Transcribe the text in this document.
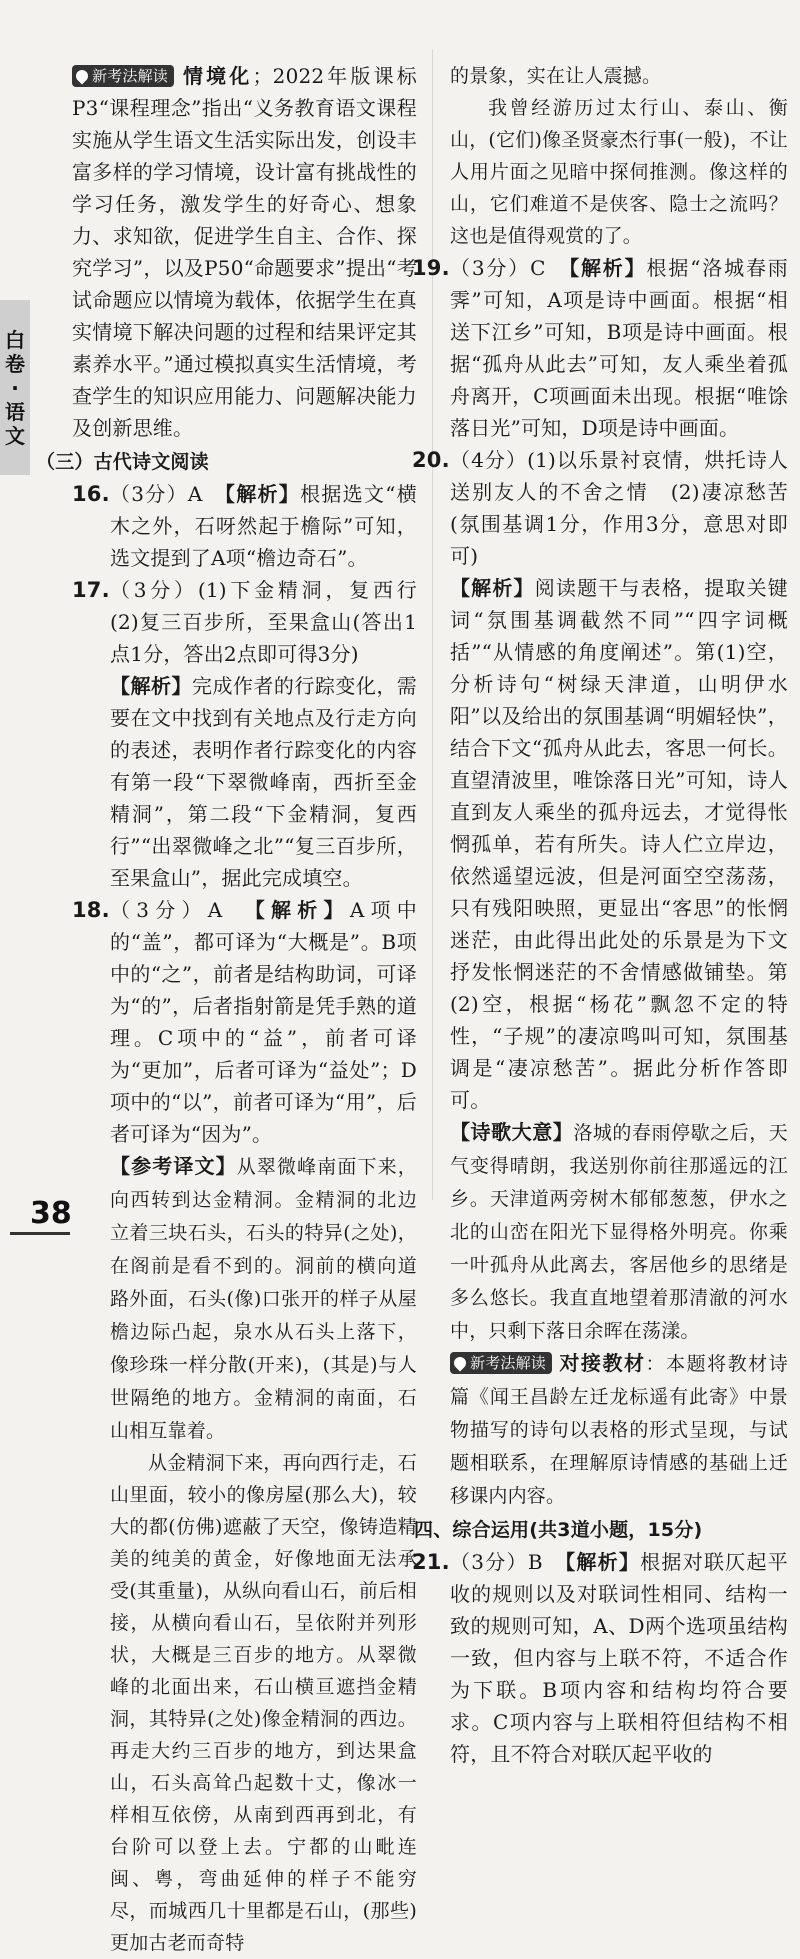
白
卷
·
语
文

新考法解读 情境化；2022年版课标P3“课程理念”指出“义务教育语文课程实施从学生语文生活实际出发，创设丰富多样的学习情境，设计富有挑战性的学习任务，激发学生的好奇心、想象力、求知欲，促进学生自主、合作、探究学习”，以及P50“命题要求”提出“考试命题应以情境为载体，依据学生在真实情境下解决问题的过程和结果评定其素养水平。”通过模拟真实生活情境，考查学生的知识应用能力、问题解决能力及创新思维。

（三）古代诗文阅读
16. （3分）A　【解析】根据选文“横木之外，石呀然起于檐际”可知，选文提到了A项“檐边奇石”。
17. （3分）(1)下金精洞，复西行　(2)复三百步所，至果盒山(答出1点1分，答出2点即可得3分)
【解析】完成作者的行踪变化，需要在文中找到有关地点及行走方向的表述，表明作者行踪变化的内容有第一段“下翠微峰南，西折至金精洞”，第二段“下金精洞，复西行”“出翠微峰之北”“复三百步所，至果盒山”，据此完成填空。
18. （3分）A　【解析】A项中的“盖”，都可译为“大概是”。B项中的“之”，前者是结构助词，可译为“的”，后者指射箭是凭手熟的道理。C项中的“益”，前者可译为“更加”，后者可译为“益处”；D项中的“以”，前者可译为“用”，后者可译为“因为”。
【参考译文】从翠微峰南面下来，向西转到达金精洞。金精洞的北边立着三块石头，石头的特异(之处)，在阁前是看不到的。洞前的横向道路外面，石头(像)口张开的样子从屋檐边际凸起，泉水从石头上落下，像珍珠一样分散(开来)，(其是)与人世隔绝的地方。金精洞的南面，石山相互靠着。
从金精洞下来，再向西行走，石山里面，较小的像房屋(那么大)，较大的都(仿佛)遮蔽了天空，像铸造精美的纯美的黄金，好像地面无法承受(其重量)，从纵向看山石，前后相接，从横向看山石，呈依附并列形状，大概是三百步的地方。从翠微峰的北面出来，石山横亘遮挡金精洞，其特异(之处)像金精洞的西边。再走大约三百步的地方，到达果盒山，石头高耸凸起数十丈，像冰一样相互依傍，从南到西再到北，有台阶可以登上去。宁都的山毗连闽、粤，弯曲延伸的样子不能穷尽，而城西几十里都是石山，(那些)更加古老而奇特

的景象，实在让人震撼。

我曾经游历过太行山、泰山、衡山，(它们)像圣贤豪杰行事(一般)，不让人用片面之见暗中探伺推测。像这样的山，它们难道不是侠客、隐士之流吗？这也是值得观赏的了。

19. （3分）C　【解析】根据“洛城春雨霁”可知，A项是诗中画面。根据“相送下江乡”可知，B项是诗中画面。根据“孤舟从此去”可知，友人乘坐着孤舟离开，C项画面未出现。根据“唯馀落日光”可知，D项是诗中画面。
20. （4分）(1)以乐景衬哀情，烘托诗人送别友人的不舍之情　(2)凄凉愁苦(氛围基调1分，作用3分，意思对即可)
【解析】阅读题干与表格，提取关键词“氛围基调截然不同”“四字词概括”“从情感的角度阐述”。第(1)空，分析诗句“树绿天津道，山明伊水阳”以及给出的氛围基调“明媚轻快”，结合下文“孤舟从此去，客思一何长。直望清波里，唯馀落日光”可知，诗人直到友人乘坐的孤舟远去，才觉得怅惘孤单，若有所失。诗人伫立岸边，依然遥望远波，但是河面空空荡荡，只有残阳映照，更显出“客思”的怅惘迷茫，由此得出此处的乐景是为下文抒发怅惘迷茫的不舍情感做铺垫。第(2)空，根据“杨花”飘忽不定的特性，“子规”的凄凉鸣叫可知，氛围基调是“凄凉愁苦”。据此分析作答即可。
【诗歌大意】洛城的春雨停歇之后，天气变得晴朗，我送别你前往那遥远的江乡。天津道两旁树木郁郁葱葱，伊水之北的山峦在阳光下显得格外明亮。你乘一叶孤舟从此离去，客居他乡的思绪是多么悠长。我直直地望着那清澈的河水中，只剩下落日余晖在荡漾。

新考法解读 对接教材：本题将教材诗篇《闻王昌龄左迁龙标遥有此寄》中景物描写的诗句以表格的形式呈现，与试题相联系，在理解原诗情感的基础上迁移课内内容。

四、综合运用(共3道小题，15分)
21. （3分）B　【解析】根据对联仄起平收的规则以及对联词性相同、结构一致的规则可知，A、D两个选项虽结构一致，但内容与上联不符，不适合作为下联。B项内容和结构均符合要求。C项内容与上联相符但结构不相符，且不符合对联仄起平收的
38
